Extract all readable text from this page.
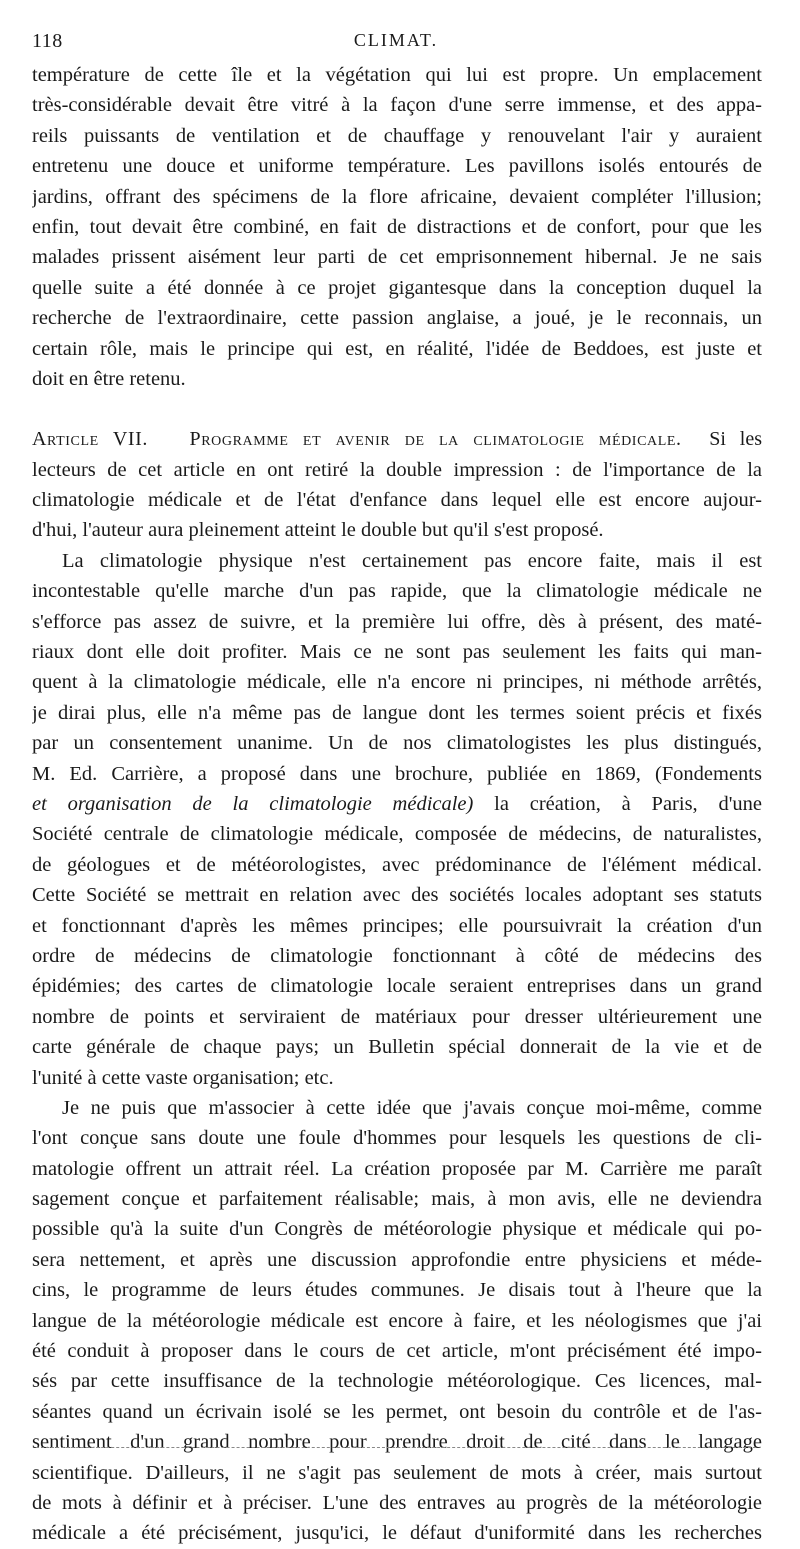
118	CLIMAT.
température de cette île et la végétation qui lui est propre. Un emplacement
très-considérable devait être vitré à la façon d'une serre immense, et des appa-
reils puissants de ventilation et de chauffage y renouvelant l'air y auraient
entretenu une douce et uniforme température. Les pavillons isolés entourés de
jardins, offrant des spécimens de la flore africaine, devaient compléter l'illusion;
enfin, tout devait être combiné, en fait de distractions et de confort, pour que les
malades prissent aisément leur parti de cet emprisonnement hibernal. Je ne sais
quelle suite a été donnée à ce projet gigantesque dans la conception duquel la
recherche de l'extraordinaire, cette passion anglaise, a joué, je le reconnais, un
certain rôle, mais le principe qui est, en réalité, l'idée de Beddoes, est juste et
doit en être retenu.
Article VII. Programme et avenir de la climatologie médicale. Si les
lecteurs de cet article en ont retiré la double impression : de l'importance de la
climatologie médicale et de l'état d'enfance dans lequel elle est encore aujour-
d'hui, l'auteur aura pleinement atteint le double but qu'il s'est proposé.
La climatologie physique n'est certainement pas encore faite, mais il est
incontestable qu'elle marche d'un pas rapide, que la climatologie médicale ne
s'efforce pas assez de suivre, et la première lui offre, dès à présent, des maté-
riaux dont elle doit profiter. Mais ce ne sont pas seulement les faits qui man-
quent à la climatologie médicale, elle n'a encore ni principes, ni méthode arrêtés,
je dirai plus, elle n'a même pas de langue dont les termes soient précis et fixés
par un consentement unanime. Un de nos climatologistes les plus distingués,
M. Ed. Carrière, a proposé dans une brochure, publiée en 1869, (Fondements
et organisation de la climatologie médicale) la création, à Paris, d'une
Société centrale de climatologie médicale, composée de médecins, de naturalistes,
de géologues et de météorologistes, avec prédominance de l'élément médical.
Cette Société se mettrait en relation avec des sociétés locales adoptant ses statuts
et fonctionnant d'après les mêmes principes; elle poursuivrait la création d'un
ordre de médecins de climatologie fonctionnant à côté de médecins des
épidémies; des cartes de climatologie locale seraient entreprises dans un grand
nombre de points et serviraient de matériaux pour dresser ultérieurement une
carte générale de chaque pays; un Bulletin spécial donnerait de la vie et de
l'unité à cette vaste organisation; etc.
Je ne puis que m'associer à cette idée que j'avais conçue moi-même, comme
l'ont conçue sans doute une foule d'hommes pour lesquels les questions de cli-
matologie offrent un attrait réel. La création proposée par M. Carrière me paraît
sagement conçue et parfaitement réalisable; mais, à mon avis, elle ne deviendra
possible qu'à la suite d'un Congrès de météorologie physique et médicale qui po-
sera nettement, et après une discussion approfondie entre physiciens et méde-
cins, le programme de leurs études communes. Je disais tout à l'heure que la
langue de la météorologie médicale est encore à faire, et les néologismes que j'ai
été conduit à proposer dans le cours de cet article, m'ont précisément été impo-
sés par cette insuffisance de la technologie météorologique. Ces licences, mal-
séantes quand un écrivain isolé se les permet, ont besoin du contrôle et de l'as-
sentiment d'un grand nombre pour prendre droit de cité dans le langage
scientifique. D'ailleurs, il ne s'agit pas seulement de mots à créer, mais surtout
de mots à définir et à préciser. L'une des entraves au progrès de la météorologie
médicale a été précisément, jusqu'ici, le défaut d'uniformité dans les recherches
